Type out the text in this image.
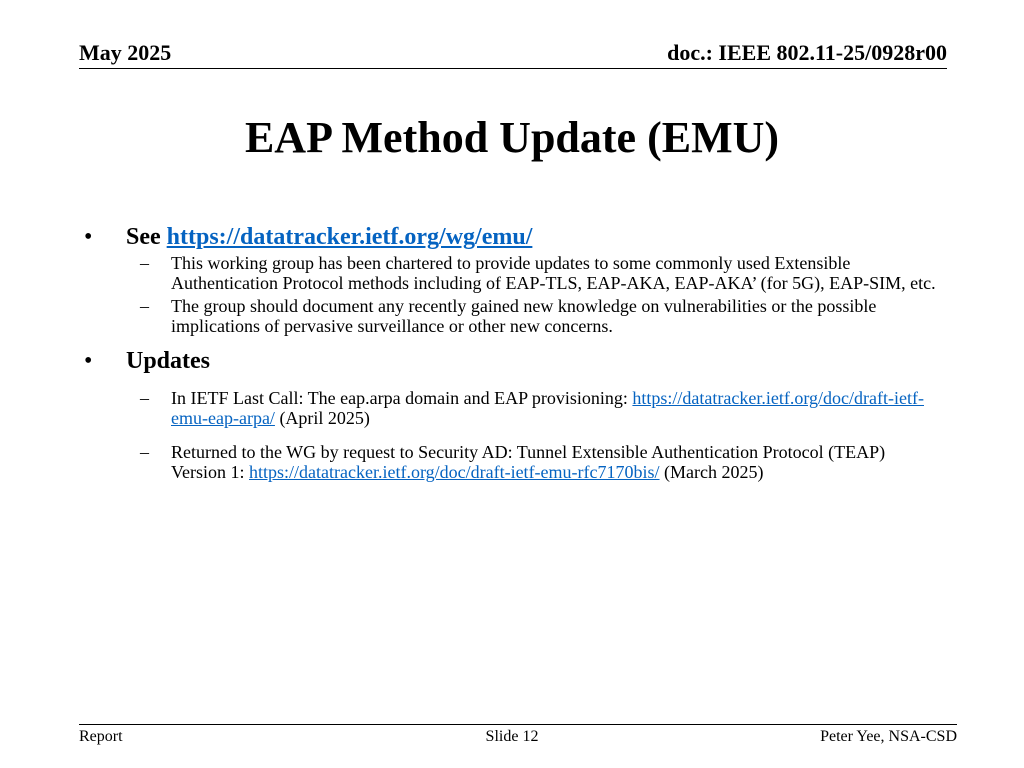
May 2025	doc.: IEEE 802.11-25/0928r00
EAP Method Update (EMU)
• See https://datatracker.ietf.org/wg/emu/
– This working group has been chartered to provide updates to some commonly used Extensible Authentication Protocol methods including of EAP-TLS, EAP-AKA, EAP-AKA’ (for 5G), EAP-SIM, etc.
– The group should document any recently gained new knowledge on vulnerabilities or the possible implications of pervasive surveillance or other new concerns.
• Updates
– In IETF Last Call: The eap.arpa domain and EAP provisioning: https://datatracker.ietf.org/doc/draft-ietf-emu-eap-arpa/ (April 2025)
– Returned to the WG by request to Security AD: Tunnel Extensible Authentication Protocol (TEAP) Version 1: https://datatracker.ietf.org/doc/draft-ietf-emu-rfc7170bis/ (March 2025)
Report	Slide 12	Peter Yee, NSA-CSD
